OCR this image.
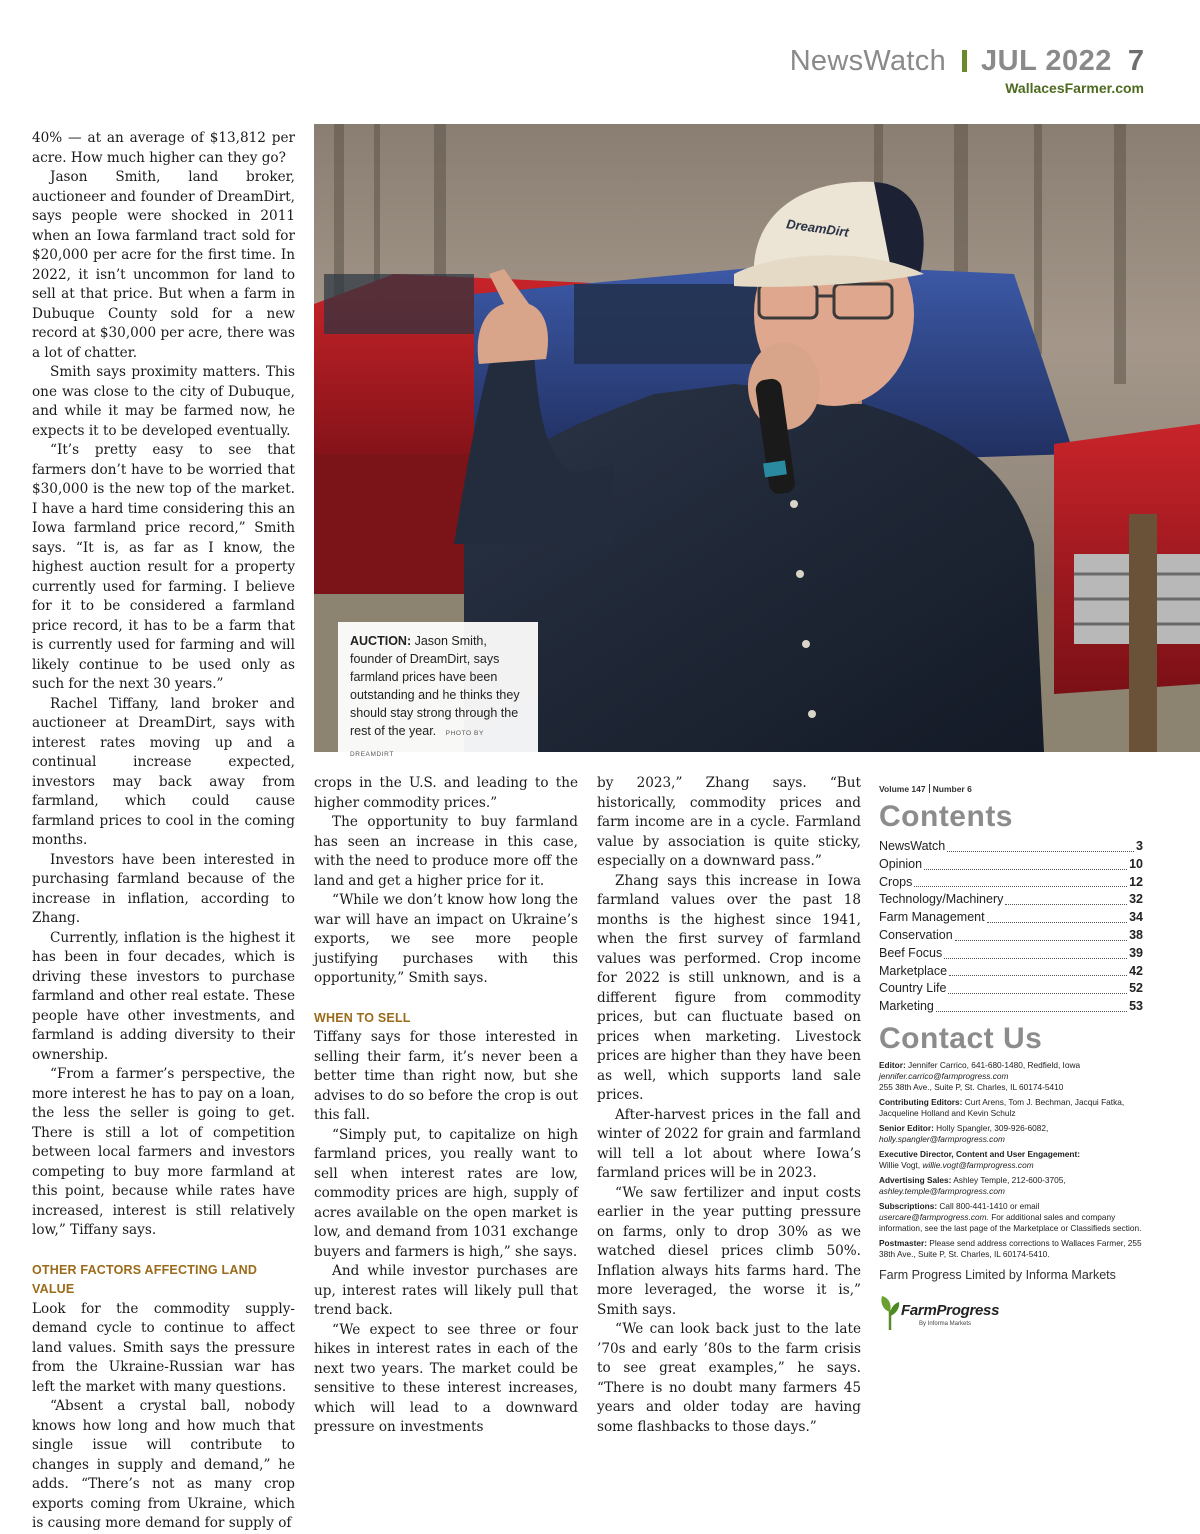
NewsWatch JUL 2022 7
WallacesFarmer.com
DreamDirt
AUCTION: Jason Smith, founder of DreamDirt, says farmland prices have been outstanding and he thinks they should stay strong through the rest of the year. PHOTO BY DREAMDIRT

40% — at an average of $13,812 per acre. How much higher can they go?

Jason Smith, land broker, auctioneer and founder of DreamDirt, says people were shocked in 2011 when an Iowa farmland tract sold for $20,000 per acre for the first time. In 2022, it isn’t uncommon for land to sell at that price. But when a farm in Dubuque County sold for a new record at $30,000 per acre, there was a lot of chatter.

Smith says proximity matters. This one was close to the city of Dubuque, and while it may be farmed now, he expects it to be developed eventually.

“It’s pretty easy to see that farmers don’t have to be worried that $30,000 is the new top of the market. I have a hard time considering this an Iowa farmland price record,” Smith says. “It is, as far as I know, the highest auction result for a property currently used for farming. I believe for it to be considered a farmland price record, it has to be a farm that is currently used for farming and will likely continue to be used only as such for the next 30 years.”

Rachel Tiffany, land broker and auctioneer at DreamDirt, says with interest rates moving up and a continual increase expected, investors may back away from farmland, which could cause farmland prices to cool in the coming months.

Investors have been interested in purchasing farmland because of the increase in inflation, according to Zhang.

Currently, inflation is the highest it has been in four decades, which is driving these investors to purchase farmland and other real estate. These people have other investments, and farmland is adding diversity to their ownership.

“From a farmer’s perspective, the more interest he has to pay on a loan, the less the seller is going to get. There is still a lot of competition between local farmers and investors competing to buy more farmland at this point, because while rates have increased, interest is still relatively low,” Tiffany says.

OTHER FACTORS AFFECTING LAND VALUE

Look for the commodity supply-demand cycle to continue to affect land values. Smith says the pressure from the Ukraine-Russian war has left the market with many questions.

“Absent a crystal ball, nobody knows how long and how much that single issue will contribute to changes in supply and demand,” he adds. “There’s not as many crop exports coming from Ukraine, which is causing more demand for supply of

crops in the U.S. and leading to the higher commodity prices.”

The opportunity to buy farmland has seen an increase in this case, with the need to produce more off the land and get a higher price for it.

“While we don’t know how long the war will have an impact on Ukraine’s exports, we see more people justifying purchases with this opportunity,” Smith says.

WHEN TO SELL

Tiffany says for those interested in selling their farm, it’s never been a better time than right now, but she advises to do so before the crop is out this fall.

“Simply put, to capitalize on high farmland prices, you really want to sell when interest rates are low, commodity prices are high, supply of acres available on the open market is low, and demand from 1031 exchange buyers and farmers is high,” she says.

And while investor purchases are up, interest rates will likely pull that trend back.

“We expect to see three or four hikes in interest rates in each of the next two years. The market could be sensitive to these interest increases, which will lead to a downward pressure on investments

by 2023,” Zhang says. “But historically, commodity prices and farm income are in a cycle. Farmland value by association is quite sticky, especially on a downward pass.”

Zhang says this increase in Iowa farmland values over the past 18 months is the highest since 1941, when the first survey of farmland values was performed. Crop income for 2022 is still unknown, and is a different figure from commodity prices, but can fluctuate based on prices when marketing. Livestock prices are higher than they have been as well, which supports land sale prices.

After-harvest prices in the fall and winter of 2022 for grain and farmland will tell a lot about where Iowa’s farmland prices will be in 2023.

“We saw fertilizer and input costs earlier in the year putting pressure on farms, only to drop 30% as we watched diesel prices climb 50%. Inflation always hits farms hard. The more leveraged, the worse it is,” Smith says.

“We can look back just to the late ’70s and early ’80s to the farm crisis to see great examples,” he says. “There is no doubt many farmers 45 years and older today are having some flashbacks to those days.”

Volume 147 Number 6
Contents
NewsWatch	3
Opinion	10
Crops	12
Technology/Machinery	32
Farm Management	34
Conservation	38
Beef Focus	39
Marketplace	42
Country Life	52
Marketing	53
Contact Us
Editor: Jennifer Carrico, 641-680-1480, Redfield, Iowa
jennifer.carrico@farmprogress.com
255 38th Ave., Suite P, St. Charles, IL 60174-5410
Contributing Editors: Curt Arens, Tom J. Bechman, Jacqui Fatka, Jacqueline Holland and Kevin Schulz
Senior Editor: Holly Spangler, 309-926-6082,
holly.spangler@farmprogress.com
Executive Director, Content and User Engagement:
Willie Vogt, willie.vogt@farmprogress.com
Advertising Sales: Ashley Temple, 212-600-3705,
ashley.temple@farmprogress.com
Subscriptions: Call 800-441-1410 or email usercare@farmprogress.com. For additional sales and company information, see the last page of the Marketplace or Classifieds section.
Postmaster: Please send address corrections to Wallaces Farmer, 255 38th Ave., Suite P, St. Charles, IL 60174-5410.
Farm Progress Limited by Informa Markets
FarmProgress
By Informa Markets
